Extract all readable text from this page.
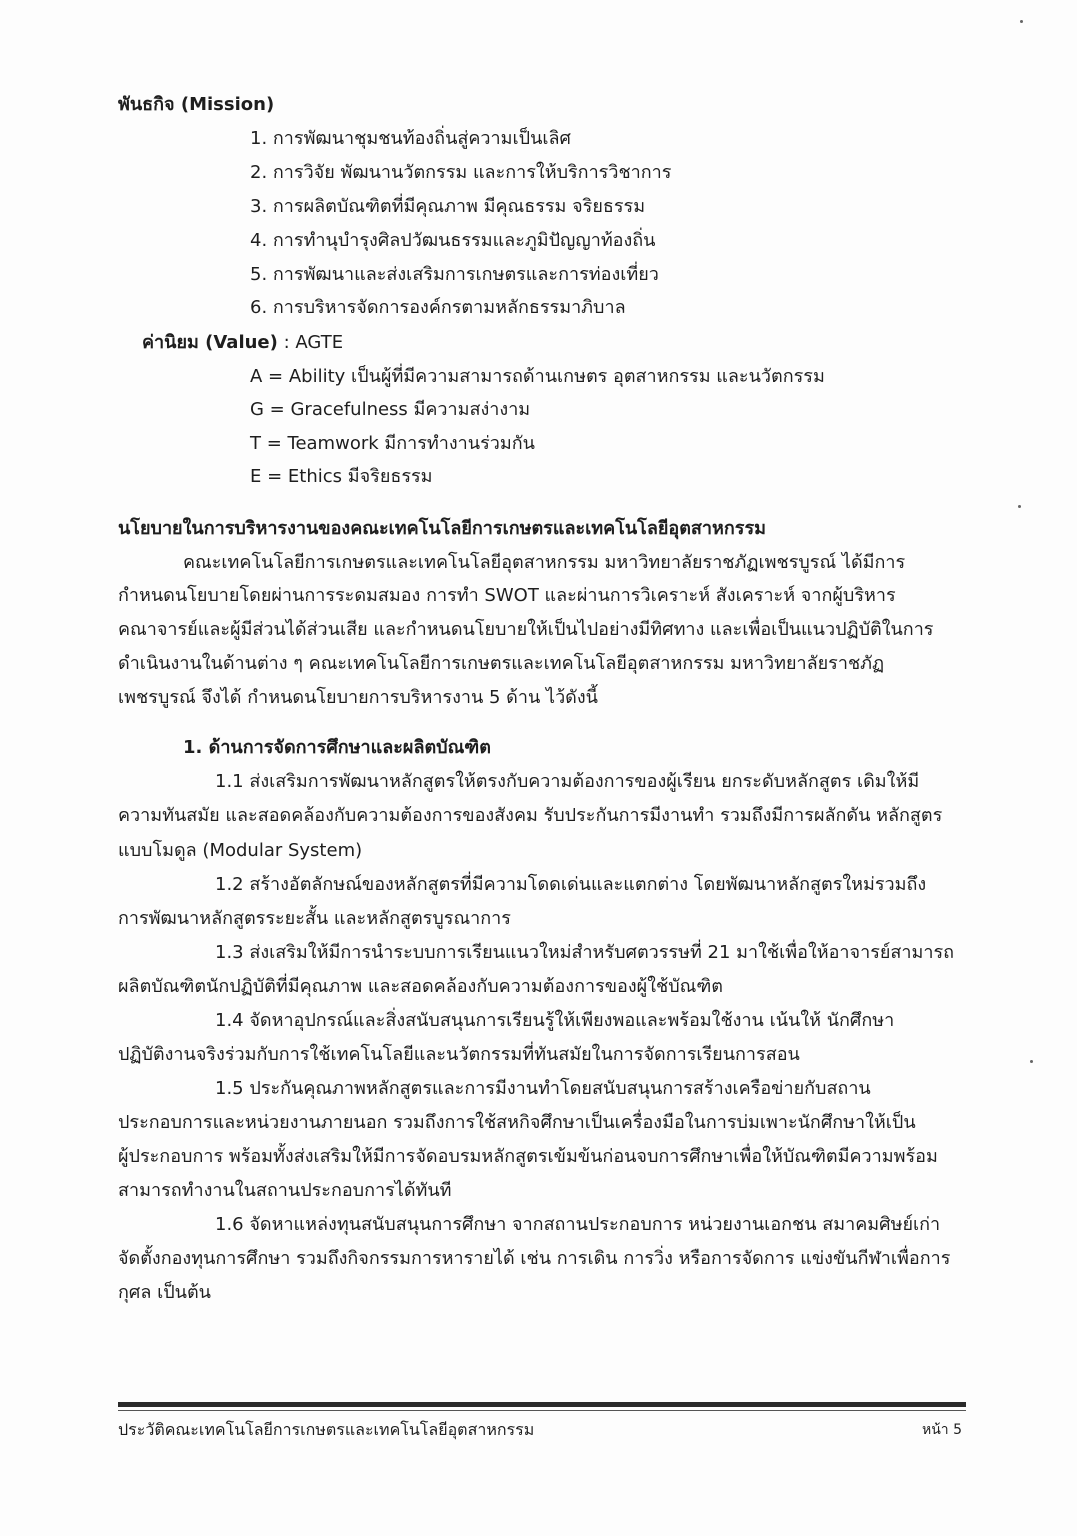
พันธกิจ (Mission)
1. การพัฒนาชุมชนท้องถิ่นสู่ความเป็นเลิศ
2. การวิจัย พัฒนานวัตกรรม และการให้บริการวิชาการ
3. การผลิตบัณฑิตที่มีคุณภาพ มีคุณธรรม จริยธรรม
4. การทำนุบำรุงศิลปวัฒนธรรมและภูมิปัญญาท้องถิ่น
5. การพัฒนาและส่งเสริมการเกษตรและการท่องเที่ยว
6. การบริหารจัดการองค์กรตามหลักธรรมาภิบาล
ค่านิยม (Value) : AGTE
A = Ability เป็นผู้ที่มีความสามารถด้านเกษตร อุตสาหกรรม และนวัตกรรม
G = Gracefulness มีความสง่างาม
T = Teamwork มีการทำงานร่วมกัน
E = Ethics มีจริยธรรม
นโยบายในการบริหารงานของคณะเทคโนโลยีการเกษตรและเทคโนโลยีอุตสาหกรรม
คณะเทคโนโลยีการเกษตรและเทคโนโลยีอุตสาหกรรม มหาวิทยาลัยราชภัฏเพชรบูรณ์ ได้มีการ
กำหนดนโยบายโดยผ่านการระดมสมอง การทำ SWOT และผ่านการวิเคราะห์ สังเคราะห์ จากผู้บริหาร
คณาจารย์และผู้มีส่วนได้ส่วนเสีย และกำหนดนโยบายให้เป็นไปอย่างมีทิศทาง และเพื่อเป็นแนวปฏิบัติในการ
ดำเนินงานในด้านต่าง ๆ คณะเทคโนโลยีการเกษตรและเทคโนโลยีอุตสาหกรรม มหาวิทยาลัยราชภัฏ
เพชรบูรณ์ จึงได้ กำหนดนโยบายการบริหารงาน 5 ด้าน ไว้ดังนี้
1. ด้านการจัดการศึกษาและผลิตบัณฑิต
1.1 ส่งเสริมการพัฒนาหลักสูตรให้ตรงกับความต้องการของผู้เรียน ยกระดับหลักสูตร เดิมให้มี
ความทันสมัย และสอดคล้องกับความต้องการของสังคม รับประกันการมีงานทำ รวมถึงมีการผลักดัน หลักสูตร
แบบโมดูล (Modular System)
1.2 สร้างอัตลักษณ์ของหลักสูตรที่มีความโดดเด่นและแตกต่าง โดยพัฒนาหลักสูตรใหม่รวมถึง
การพัฒนาหลักสูตรระยะสั้น และหลักสูตรบูรณาการ
1.3 ส่งเสริมให้มีการนำระบบการเรียนแนวใหม่สำหรับศตวรรษที่ 21 มาใช้เพื่อให้อาจารย์สามารถ
ผลิตบัณฑิตนักปฏิบัติที่มีคุณภาพ และสอดคล้องกับความต้องการของผู้ใช้บัณฑิต
1.4 จัดหาอุปกรณ์และสิ่งสนับสนุนการเรียนรู้ให้เพียงพอและพร้อมใช้งาน เน้นให้ นักศึกษา
ปฏิบัติงานจริงร่วมกับการใช้เทคโนโลยีและนวัตกรรมที่ทันสมัยในการจัดการเรียนการสอน
1.5 ประกันคุณภาพหลักสูตรและการมีงานทำโดยสนับสนุนการสร้างเครือข่ายกับสถาน
ประกอบการและหน่วยงานภายนอก รวมถึงการใช้สหกิจศึกษาเป็นเครื่องมือในการบ่มเพาะนักศึกษาให้เป็น
ผู้ประกอบการ พร้อมทั้งส่งเสริมให้มีการจัดอบรมหลักสูตรเข้มข้นก่อนจบการศึกษาเพื่อให้บัณฑิตมีความพร้อม
สามารถทำงานในสถานประกอบการได้ทันที
1.6 จัดหาแหล่งทุนสนับสนุนการศึกษา จากสถานประกอบการ หน่วยงานเอกชน สมาคมศิษย์เก่า
จัดตั้งกองทุนการศึกษา รวมถึงกิจกรรมการหารายได้ เช่น การเดิน การวิ่ง หรือการจัดการ แข่งขันกีฬาเพื่อการ
กุศล เป็นต้น
ประวัติคณะเทคโนโลยีการเกษตรและเทคโนโลยีอุตสาหกรรม	หน้า 5
